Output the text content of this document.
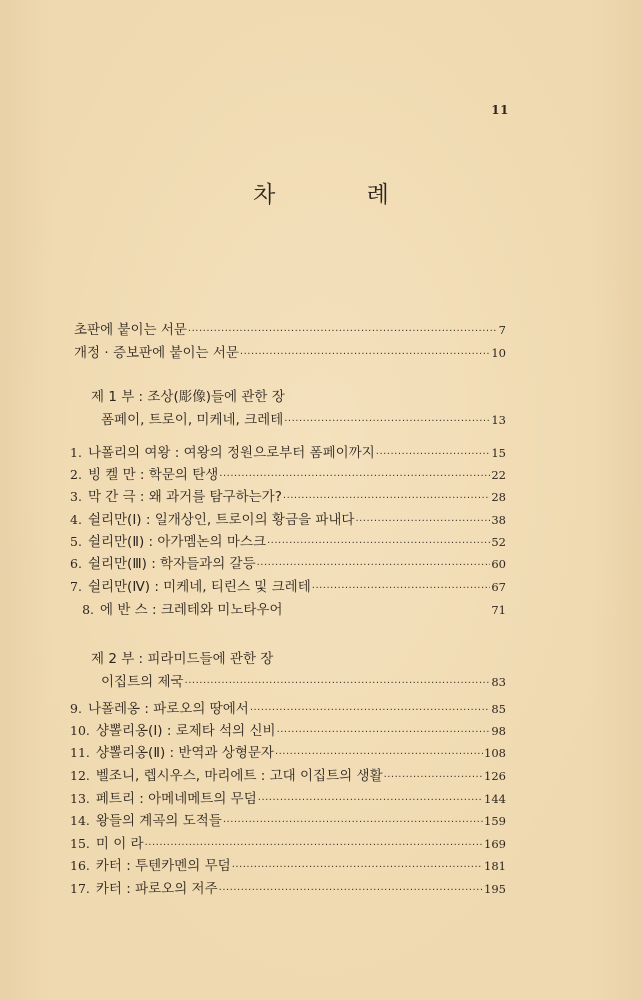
11
차 례
초판에 붙이는 서문 ·····	7
개정 · 증보판에 붙이는 서문 ·····	10
제 1 부 : 조상(彫像)들에 관한 장
폼페이, 트로이, 미케네, 크레테 ·····	13
1. 나폴리의 여왕 : 여왕의 정원으로부터 폼페이까지 ·····	15
2. 빙 켈 만 : 학문의 탄생 ·····	22
3. 막 간 극 : 왜 과거를 탐구하는가? ·····	28
4. 쉴리만(Ⅰ) : 일개상인, 트로이의 황금을 파내다 ·····	38
5. 쉴리만(Ⅱ) : 아가멤논의 마스크 ·····	52
6. 쉴리만(Ⅲ) : 학자들과의 갈등 ·····	60
7. 쉴리만(Ⅳ) : 미케네, 티린스 및 크레테 ·····	67
8. 에 반 스 : 크레테와 미노타우어	71
제 2 부 : 피라미드들에 관한 장
이집트의 제국 ·····	83
9. 나폴레옹 : 파로오의 땅에서 ·····	85
10. 샹뽈리옹(Ⅰ) : 로제타 석의 신비 ·····	98
11. 샹뽈리옹(Ⅱ) : 반역과 상형문자 ·····	108
12. 벨조니, 렙시우스, 마리에트 : 고대 이집트의 생활 ·····	126
13. 페트리 : 아메네메트의 무덤 ·····	144
14. 왕들의 계곡의 도적들 ·····	159
15. 미 이 라 ·····	169
16. 카터 : 투텐카멘의 무덤 ·····	181
17. 카터 : 파로오의 저주 ·····	195
